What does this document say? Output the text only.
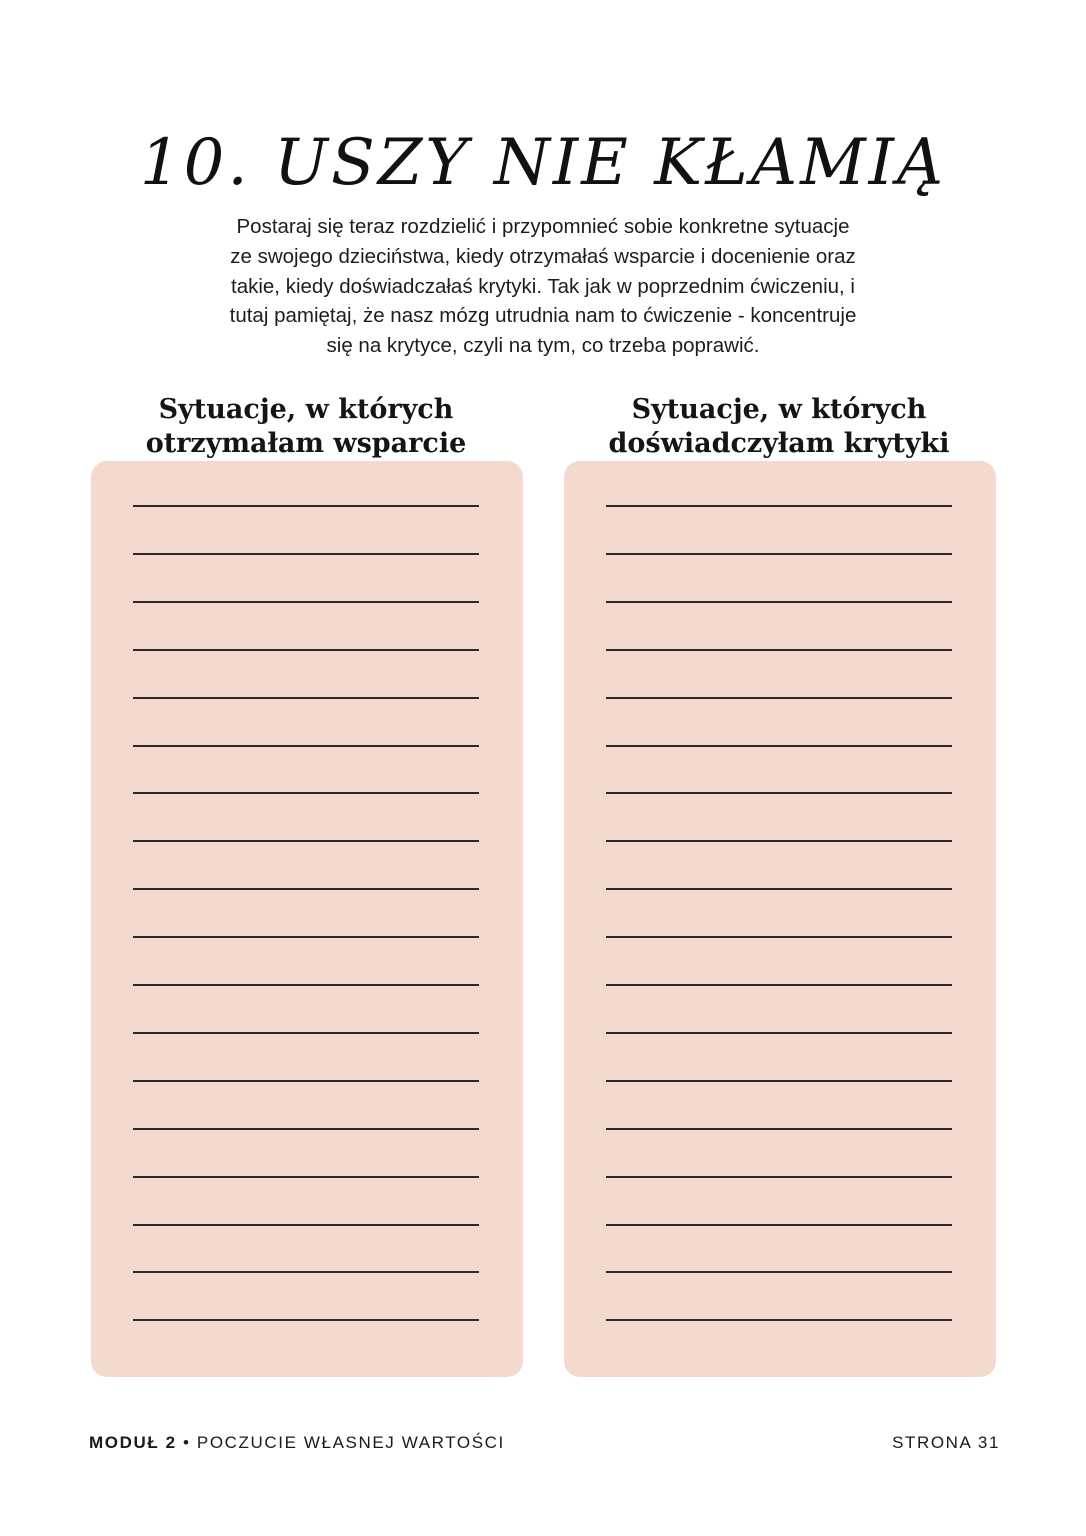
10. USZY NIE KŁAMIĄ
Postaraj się teraz rozdzielić i przypomnieć sobie konkretne sytuacje
ze swojego dzieciństwa, kiedy otrzymałaś wsparcie i docenienie oraz
takie, kiedy doświadczałaś krytyki. Tak jak w poprzednim ćwiczeniu, i
tutaj pamiętaj, że nasz mózg utrudnia nam to ćwiczenie - koncentruje
się na krytyce, czyli na tym, co trzeba poprawić.
Sytuacje, w których
otrzymałam wsparcie
Sytuacje, w których
doświadczyłam krytyki
MODUŁ 2 • POCZUCIE WŁASNEJ WARTOŚCI	STRONA 31
